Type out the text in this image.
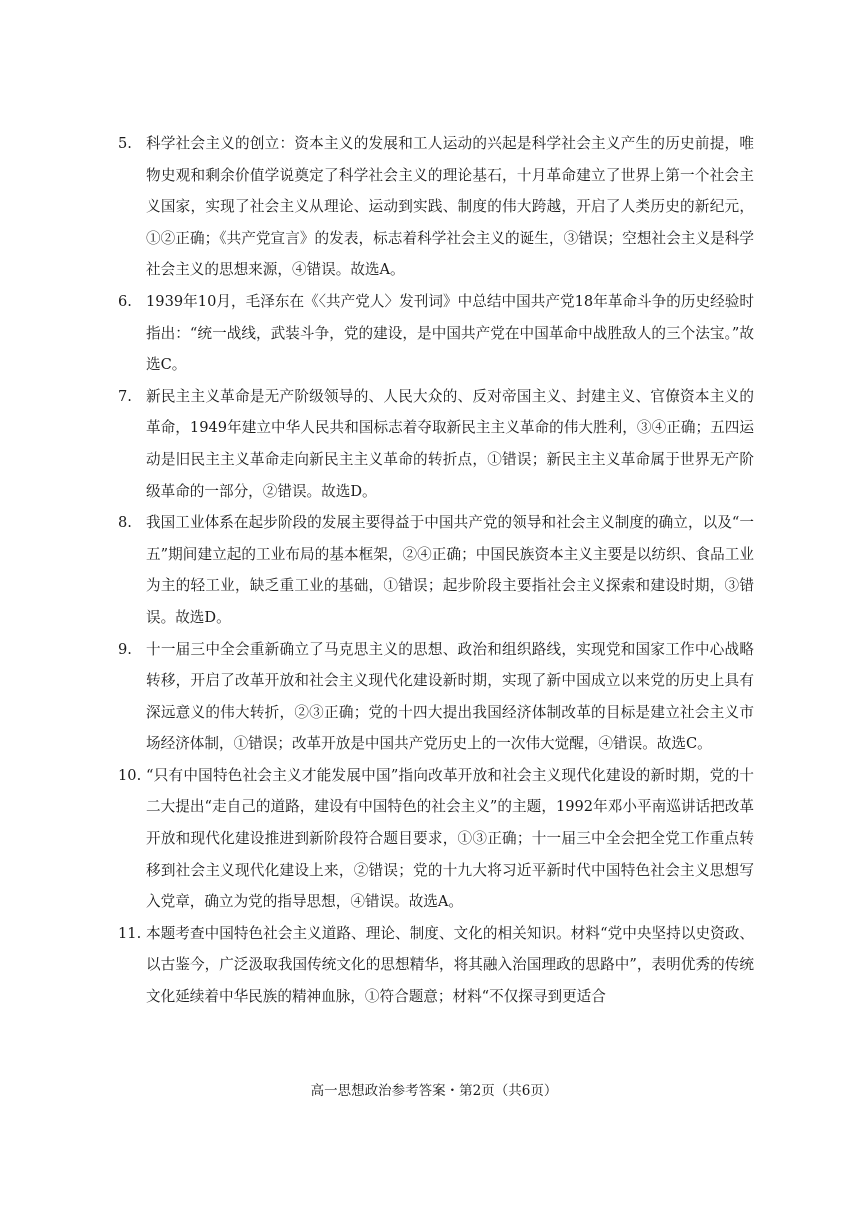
5. 科学社会主义的创立：资本主义的发展和工人运动的兴起是科学社会主义产生的历史前提，唯物史观和剩余价值学说奠定了科学社会主义的理论基石，十月革命建立了世界上第一个社会主义国家，实现了社会主义从理论、运动到实践、制度的伟大跨越，开启了人类历史的新纪元，①②正确；《共产党宣言》的发表，标志着科学社会主义的诞生，③错误；空想社会主义是科学社会主义的思想来源，④错误。故选A。
6. 1939年10月，毛泽东在《〈共产党人〉发刊词》中总结中国共产党18年革命斗争的历史经验时指出：“统一战线，武装斗争，党的建设，是中国共产党在中国革命中战胜敌人的三个法宝。”故选C。
7. 新民主主义革命是无产阶级领导的、人民大众的、反对帝国主义、封建主义、官僚资本主义的革命，1949年建立中华人民共和国标志着夺取新民主主义革命的伟大胜利，③④正确；五四运动是旧民主主义革命走向新民主主义革命的转折点，①错误；新民主主义革命属于世界无产阶级革命的一部分，②错误。故选D。
8. 我国工业体系在起步阶段的发展主要得益于中国共产党的领导和社会主义制度的确立，以及“一五”期间建立起的工业布局的基本框架，②④正确；中国民族资本主义主要是以纺织、食品工业为主的轻工业，缺乏重工业的基础，①错误；起步阶段主要指社会主义探索和建设时期，③错误。故选D。
9. 十一届三中全会重新确立了马克思主义的思想、政治和组织路线，实现党和国家工作中心战略转移，开启了改革开放和社会主义现代化建设新时期，实现了新中国成立以来党的历史上具有深远意义的伟大转折，②③正确；党的十四大提出我国经济体制改革的目标是建立社会主义市场经济体制，①错误；改革开放是中国共产党历史上的一次伟大觉醒，④错误。故选C。
10. “只有中国特色社会主义才能发展中国”指向改革开放和社会主义现代化建设的新时期，党的十二大提出“走自己的道路，建设有中国特色的社会主义”的主题，1992年邓小平南巡讲话把改革开放和现代化建设推进到新阶段符合题目要求，①③正确；十一届三中全会把全党工作重点转移到社会主义现代化建设上来，②错误；党的十九大将习近平新时代中国特色社会主义思想写入党章，确立为党的指导思想，④错误。故选A。
11. 本题考查中国特色社会主义道路、理论、制度、文化的相关知识。材料“党中央坚持以史资政、以古鉴今，广泛汲取我国传统文化的思想精华，将其融入治国理政的思路中”，表明优秀的传统文化延续着中华民族的精神血脉，①符合题意；材料“不仅探寻到更适合
高一思想政治参考答案・第2页（共6页）
